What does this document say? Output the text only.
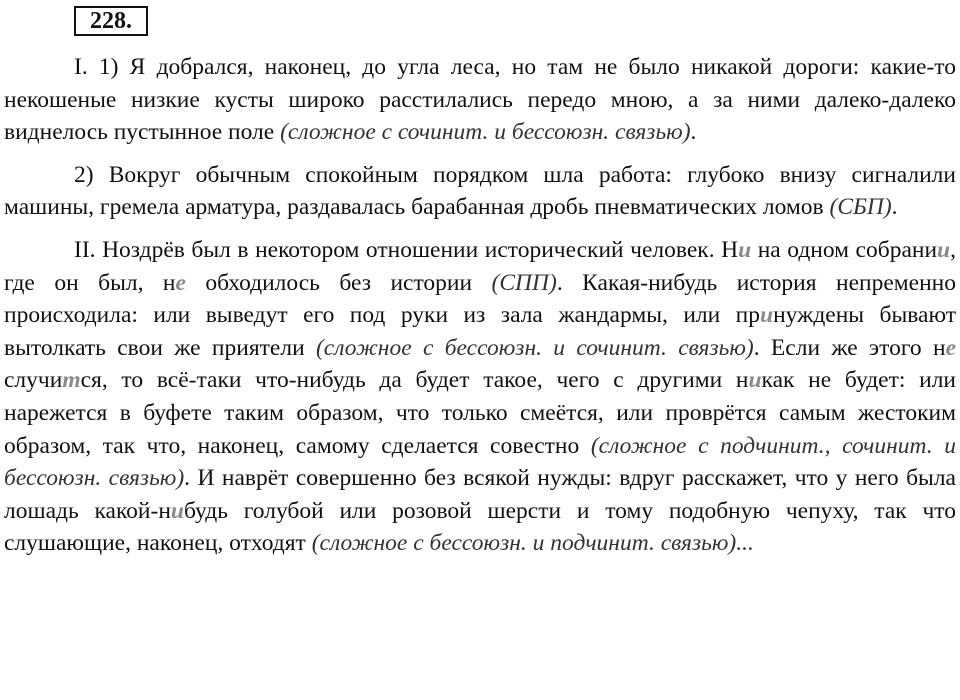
228.

I. 1) Я добрался, наконец, до угла леса, но там не было никакой дороги: какие-то некошеные низкие кусты широко расстилались передо мною, а за ними далеко-далеко виднелось пустынное поле (сложное с сочинит. и бессоюзн. связью).

2) Вокруг обычным спокойным порядком шла работа: глубоко внизу сигналили машины, гремела арматура, раздавалась барабанная дробь пневматических ломов (СБП).

II. Ноздрёв был в некотором отношении исторический человек. Ни на одном собрании, где он был, не обходилось без истории (СПП). Какая-нибудь история непременно происходила: или выведут его под руки из зала жандармы, или принуждены бывают вытолкать свои же приятели (сложное с бессоюзн. и сочинит. связью). Если же этого не случится, то всё-таки что-нибудь да будет такое, чего с другими никак не будет: или нарежется в буфете таким образом, что только смеётся, или проврётся самым жестоким образом, так что, наконец, самому сделается совестно (сложное с подчинит., сочинит. и бессоюзн. связью). И наврёт совершенно без всякой нужды: вдруг расскажет, что у него была лошадь какой-нибудь голубой или розовой шерсти и тому подобную чепуху, так что слушающие, наконец, отходят (сложное с бессоюзн. и подчинит. связью)...
